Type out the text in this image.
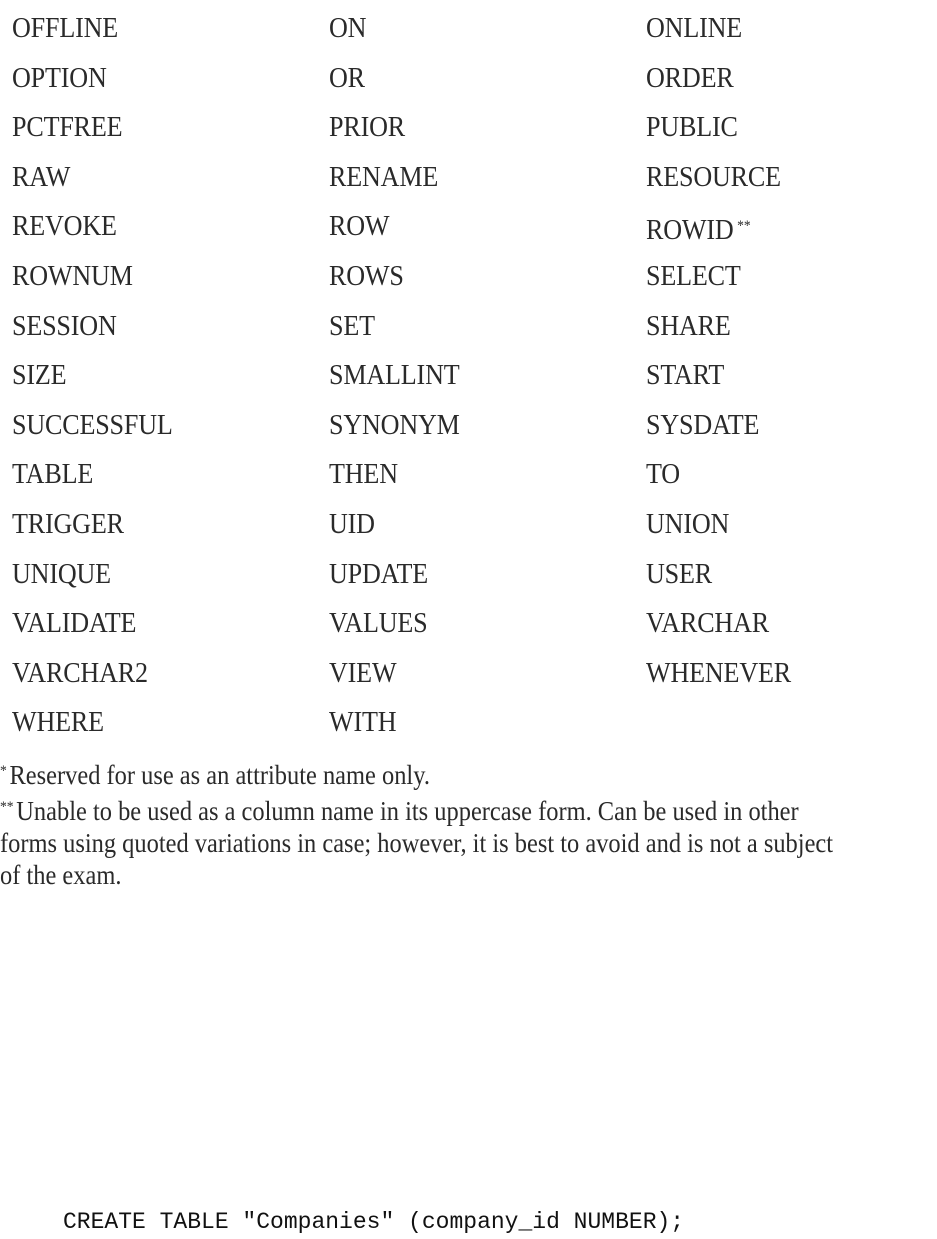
OFFLINE	ON	ONLINE
OPTION	OR	ORDER
PCTFREE	PRIOR	PUBLIC
RAW	RENAME	RESOURCE
REVOKE	ROW	ROWID **
ROWNUM	ROWS	SELECT
SESSION	SET	SHARE
SIZE	SMALLINT	START
SUCCESSFUL	SYNONYM	SYSDATE
TABLE	THEN	TO
TRIGGER	UID	UNION
UNIQUE	UPDATE	USER
VALIDATE	VALUES	VARCHAR
VARCHAR2	VIEW	WHENEVER
WHERE	WITH

* Reserved for use as an attribute name only.

** Unable to be used as a column name in its uppercase form. Can be used in other

forms using quoted variations in case; however, it is best to avoid and is not a subject

of the exam.

CREATE TABLE "Companies" (company_id NUMBER);
